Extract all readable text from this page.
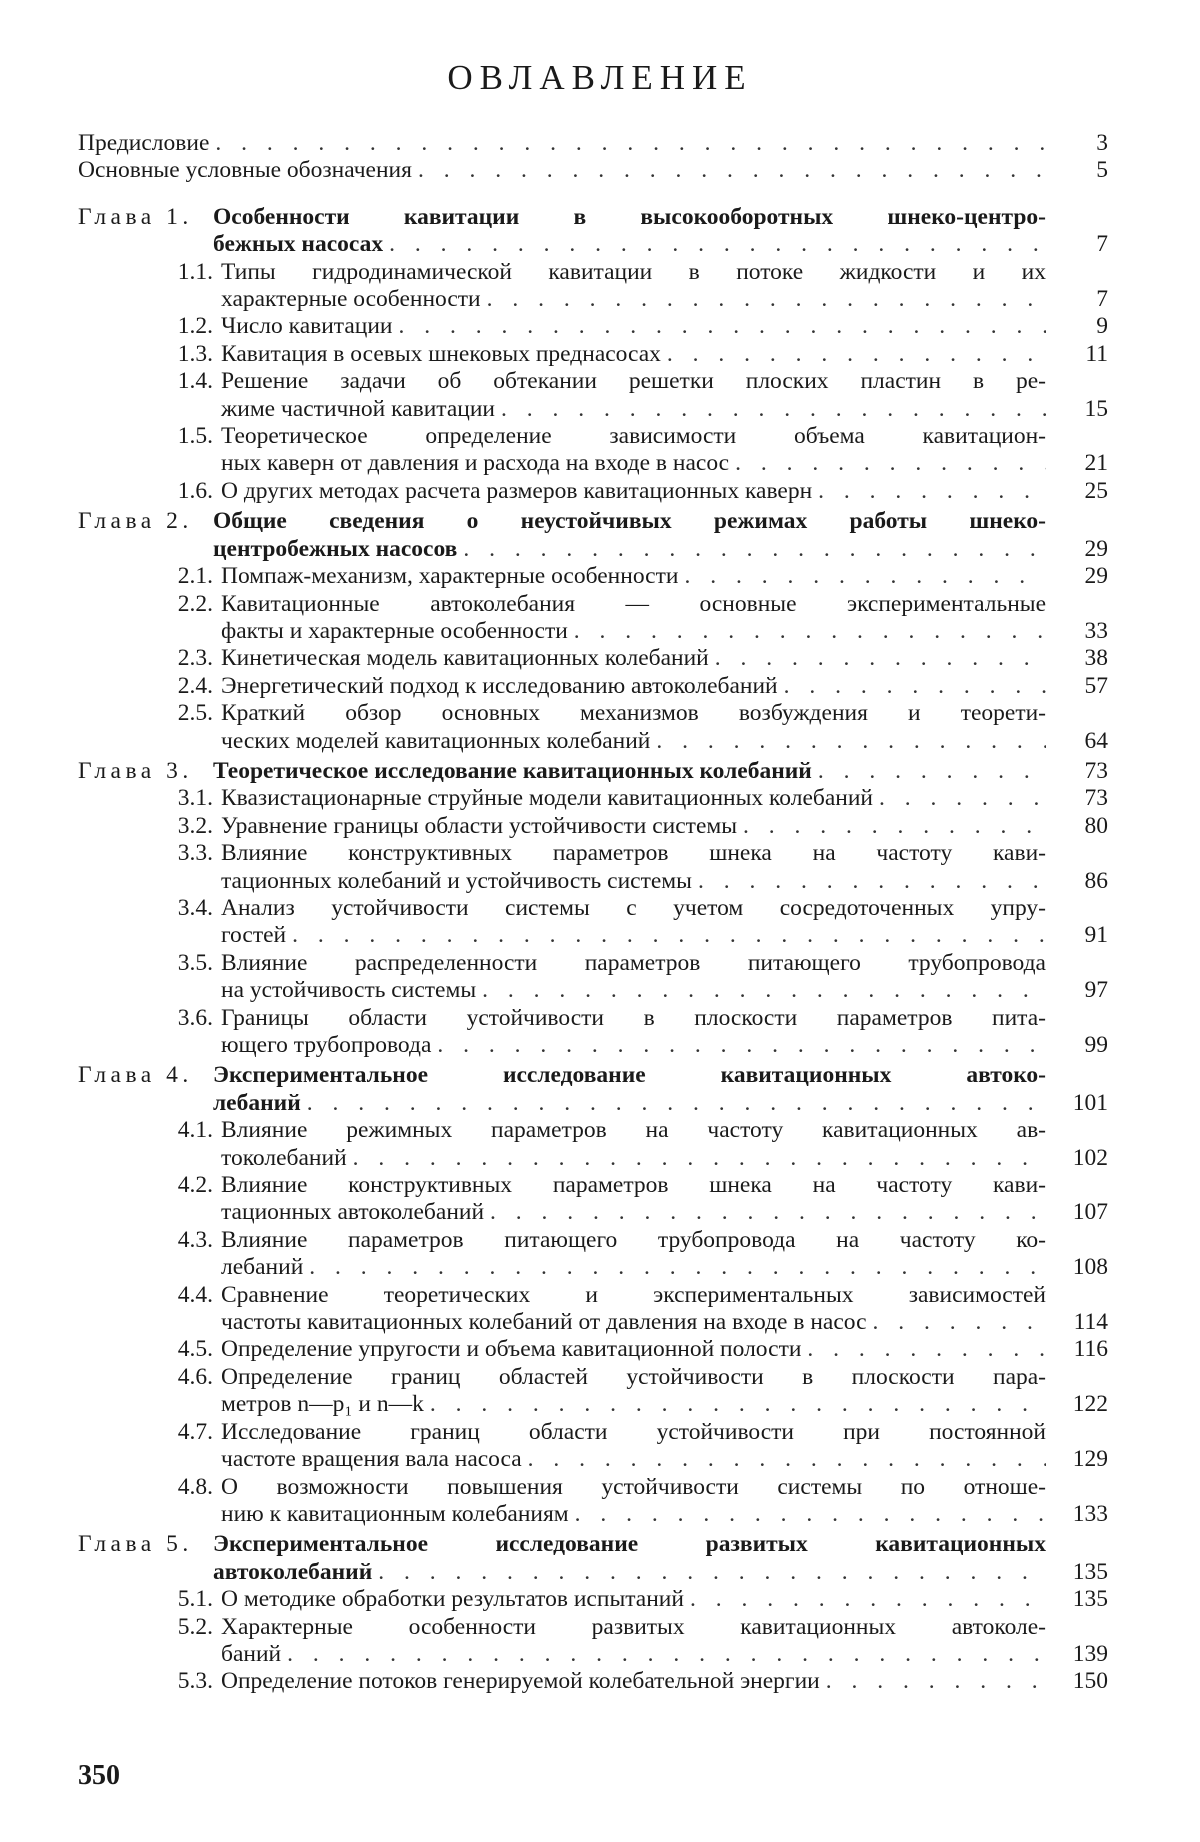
ОВЛАВЛЕНИЕ
Предисловие . . .	3
Основные условные обозначения . . .	5
Глава 1. Особенности кавитации в высокооборотных шнеко-центро-
бежных насосах . . .	7
1.1. Типы гидродинамической кавитации в потоке жидкости и их
характерные особенности . . .	7
1.2. Число кавитации . . .	9
1.3. Кавитация в осевых шнековых преднасосах . . .	11
1.4. Решение задачи об обтекании решетки плоских пластин в ре-
жиме частичной кавитации . . .	15
1.5. Теоретическое определение зависимости объема кавитацион-
ных каверн от давления и расхода на входе в насос . . .	21
1.6. О других методах расчета размеров кавитационных каверн . . .	25
Глава 2. Общие сведения о неустойчивых режимах работы шнеко-
центробежных насосов . . .	29
2.1. Помпаж-механизм, характерные особенности . . .	29
2.2. Кавитационные автоколебания — основные экспериментальные
факты и характерные особенности . . .	33
2.3. Кинетическая модель кавитационных колебаний . . .	38
2.4. Энергетический подход к исследованию автоколебаний . . .	57
2.5. Краткий обзор основных механизмов возбуждения и теорети-
ческих моделей кавитационных колебаний . . .	64
Глава 3. Теоретическое исследование кавитационных колебаний . . .	73
3.1. Квазистационарные струйные модели кавитационных колебаний . . .	73
3.2. Уравнение границы области устойчивости системы . . .	80
3.3. Влияние конструктивных параметров шнека на частоту кави-
тационных колебаний и устойчивость системы . . .	86
3.4. Анализ устойчивости системы с учетом сосредоточенных упру-
гостей . . .	91
3.5. Влияние распределенности параметров питающего трубопровода
на устойчивость системы . . .	97
3.6. Границы области устойчивости в плоскости параметров пита-
ющего трубопровода . . .	99
Глава 4. Экспериментальное исследование кавитационных автоко-
лебаний . . .	101
4.1. Влияние режимных параметров на частоту кавитационных ав-
токолебаний . . .	102
4.2. Влияние конструктивных параметров шнека на частоту кави-
тационных автоколебаний . . .	107
4.3. Влияние параметров питающего трубопровода на частоту ко-
лебаний . . .	108
4.4. Сравнение теоретических и экспериментальных зависимостей
частоты кавитационных колебаний от давления на входе в насос . . .	114
4.5. Определение упругости и объема кавитационной полости . . .	116
4.6. Определение границ областей устойчивости в плоскости пара-
метров n—p₁ и n—k . . .	122
4.7. Исследование границ области устойчивости при постоянной
частоте вращения вала насоса . . .	129
4.8. О возможности повышения устойчивости системы по отноше-
нию к кавитационным колебаниям . . .	133
Глава 5. Экспериментальное исследование развитых кавитационных
автоколебаний . . .	135
5.1. О методике обработки результатов испытаний . . .	135
5.2. Характерные особенности развитых кавитационных автоколе-
баний . . .	139
5.3. Определение потоков генерируемой колебательной энергии . . .	150
350
